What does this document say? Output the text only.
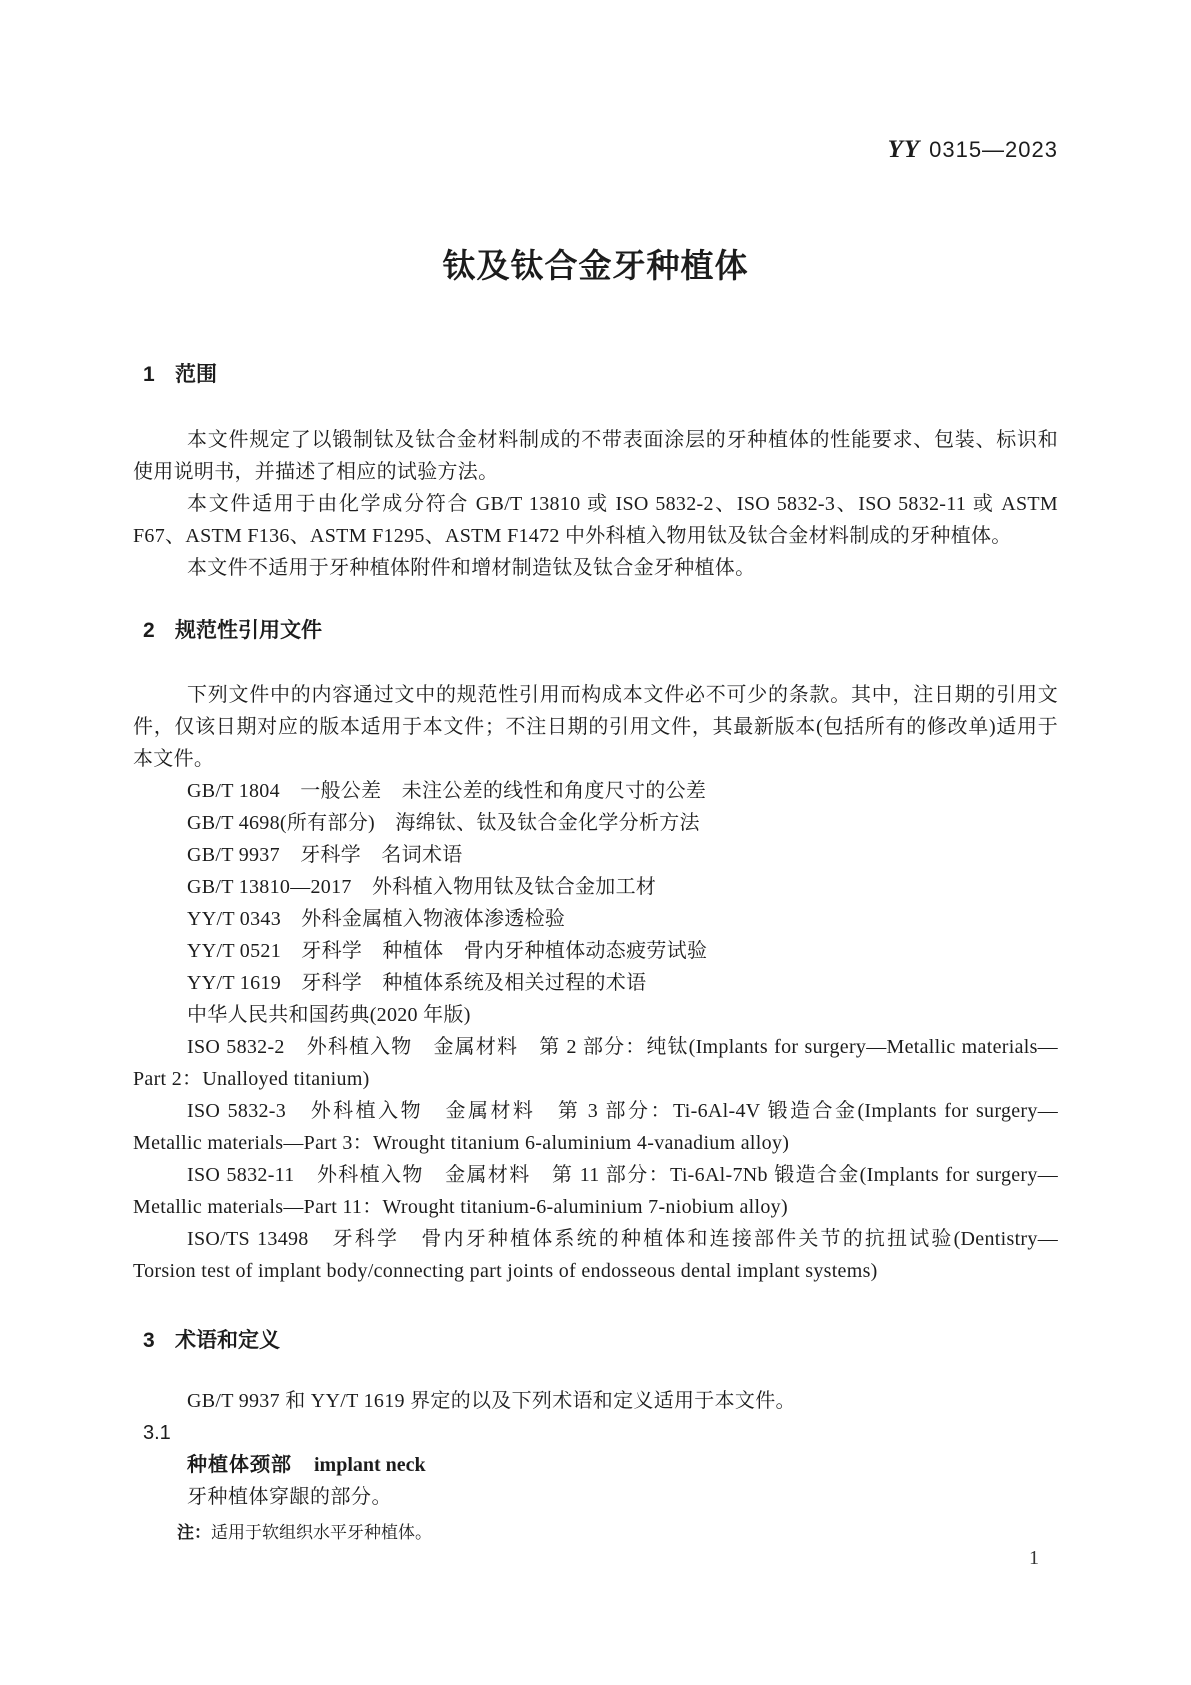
YY 0315—2023
钛及钛合金牙种植体
1 范围

本文件规定了以锻制钛及钛合金材料制成的不带表面涂层的牙种植体的性能要求、包装、标识和使用说明书，并描述了相应的试验方法。

本文件适用于由化学成分符合 GB/T 13810 或 ISO 5832-2、ISO 5832-3、ISO 5832-11 或 ASTM F67、ASTM F136、ASTM F1295、ASTM F1472 中外科植入物用钛及钛合金材料制成的牙种植体。

本文件不适用于牙种植体附件和增材制造钛及钛合金牙种植体。

2 规范性引用文件

下列文件中的内容通过文中的规范性引用而构成本文件必不可少的条款。其中，注日期的引用文件，仅该日期对应的版本适用于本文件；不注日期的引用文件，其最新版本(包括所有的修改单)适用于本文件。

GB/T 1804　一般公差　未注公差的线性和角度尺寸的公差

GB/T 4698(所有部分)　海绵钛、钛及钛合金化学分析方法

GB/T 9937　牙科学　名词术语

GB/T 13810—2017　外科植入物用钛及钛合金加工材

YY/T 0343　外科金属植入物液体渗透检验

YY/T 0521　牙科学　种植体　骨内牙种植体动态疲劳试验

YY/T 1619　牙科学　种植体系统及相关过程的术语

中华人民共和国药典(2020 年版)

ISO 5832-2　外科植入物　金属材料　第 2 部分：纯钛(Implants for surgery—Metallic materials—Part 2：Unalloyed titanium)

ISO 5832-3　外科植入物　金属材料　第 3 部分：Ti-6Al-4V 锻造合金(Implants for surgery—Metallic materials—Part 3：Wrought titanium 6-aluminium 4-vanadium alloy)

ISO 5832-11　外科植入物　金属材料　第 11 部分：Ti-6Al-7Nb 锻造合金(Implants for surgery—Metallic materials—Part 11：Wrought titanium-6-aluminium 7-niobium alloy)

ISO/TS 13498　牙科学　骨内牙种植体系统的种植体和连接部件关节的抗扭试验(Dentistry—Torsion test of implant body/connecting part joints of endosseous dental implant systems)

3 术语和定义

GB/T 9937 和 YY/T 1619 界定的以及下列术语和定义适用于本文件。

3.1

种植体颈部 implant neck

牙种植体穿龈的部分。

注：适用于软组织水平牙种植体。

1
